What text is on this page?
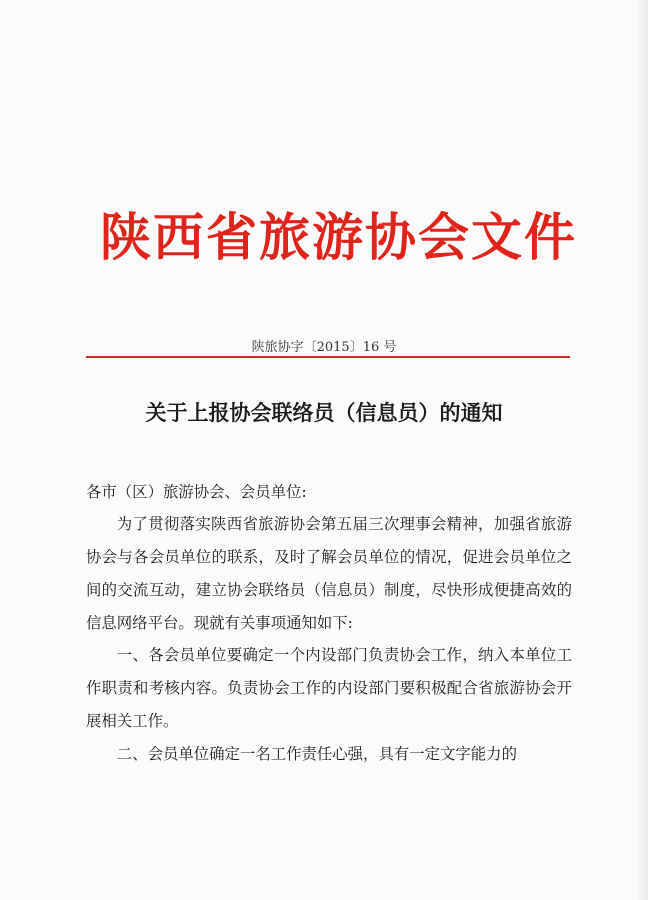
陕西省旅游协会文件
陕旅协字〔2015〕16 号
关于上报协会联络员（信息员）的通知
各市（区）旅游协会、会员单位:

为了贯彻落实陕西省旅游协会第五届三次理事会精神，加强省旅游协会与各会员单位的联系，及时了解会员单位的情况，促进会员单位之间的交流互动，建立协会联络员（信息员）制度，尽快形成便捷高效的信息网络平台。现就有关事项通知如下:

一、各会员单位要确定一个内设部门负责协会工作，纳入本单位工作职责和考核内容。负责协会工作的内设部门要积极配合省旅游协会开展相关工作。

二、会员单位确定一名工作责任心强，具有一定文字能力的
